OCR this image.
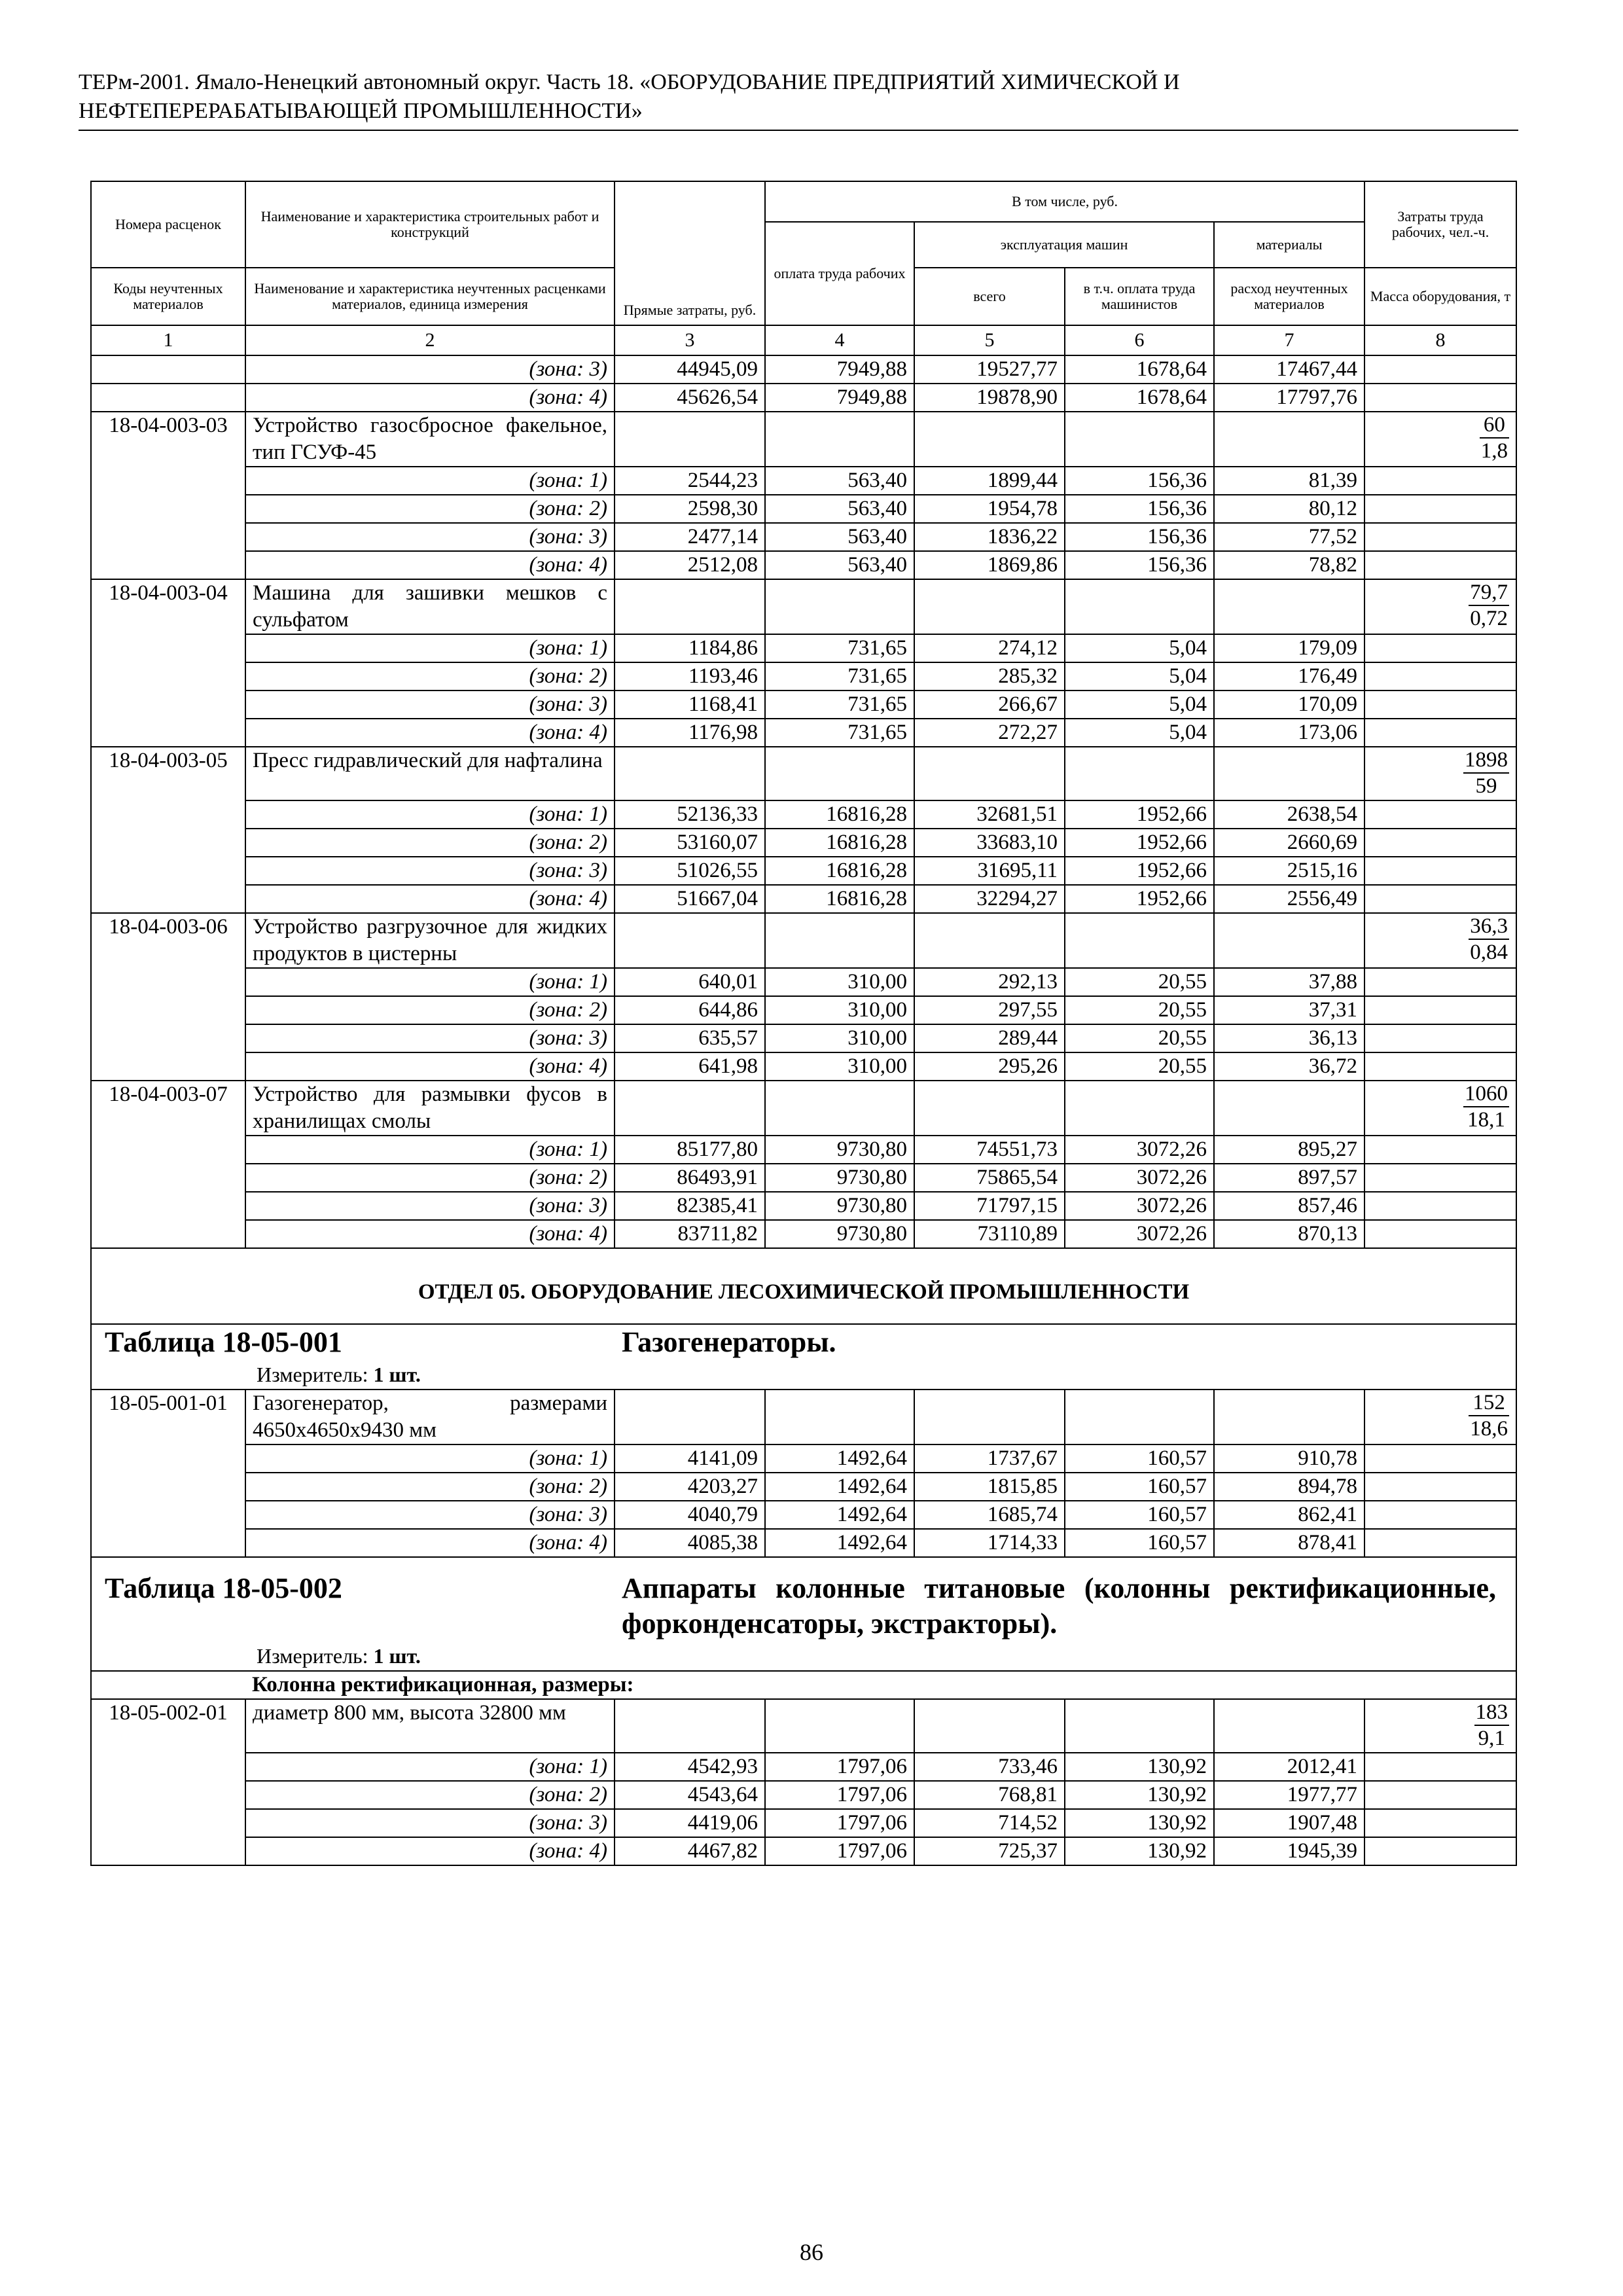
ТЕРм-2001. Ямало-Ненецкий автономный округ. Часть 18. «ОБОРУДОВАНИЕ ПРЕДПРИЯТИЙ ХИМИЧЕСКОЙ И
НЕФТЕПЕРЕРАБАТЫВАЮЩЕЙ ПРОМЫШЛЕННОСТИ»
Номера расценок	Наименование и характеристика строительных работ и конструкций	Прямые затраты, руб.	В том числе, руб.				Затраты труда рабочих, чел.-ч.
			оплата труда рабочих	эксплуатация машин		материалы	
Коды неучтенных материалов	Наименование и характеристика неучтенных расценками материалов, единица измерения			всего	в т.ч. оплата труда машинистов	расход неучтенных материалов	Масса оборудования, т
1	2	3	4	5	6	7	8
	(зона: 3)	44945,09	7949,88	19527,77	1678,64	17467,44	
	(зона: 4)	45626,54	7949,88	19878,90	1678,64	17797,76	
18-04-003-03	Устройство газосбросное факельное, тип ГСУФ-45						$\frac{60}{1,8}$

	(зона: 1)	2544,23	563,40	1899,44	156,36	81,39	
	(зона: 2)	2598,30	563,40	1954,78	156,36	80,12	
	(зона: 3)	2477,14	563,40	1836,22	156,36	77,52	
	(зона: 4)	2512,08	563,40	1869,86	156,36	78,82	
18-04-003-04	Машина для зашивки мешков с сульфатом						$\frac{79,7}{0,72}$

	(зона: 1)	1184,86	731,65	274,12	5,04	179,09	
	(зона: 2)	1193,46	731,65	285,32	5,04	176,49	
	(зона: 3)	1168,41	731,65	266,67	5,04	170,09	
	(зона: 4)	1176,98	731,65	272,27	5,04	173,06	
18-04-003-05	Пресс гидравлический для нафталина						$\frac{1898}{59}$

	(зона: 1)	52136,33	16816,28	32681,51	1952,66	2638,54	
	(зона: 2)	53160,07	16816,28	33683,10	1952,66	2660,69	
	(зона: 3)	51026,55	16816,28	31695,11	1952,66	2515,16	
	(зона: 4)	51667,04	16816,28	32294,27	1952,66	2556,49	
18-04-003-06	Устройство разгрузочное для жидких продуктов в цистерны						$\frac{36,3}{0,84}$

	(зона: 1)	640,01	310,00	292,13	20,55	37,88	
	(зона: 2)	644,86	310,00	297,55	20,55	37,31	
	(зона: 3)	635,57	310,00	289,44	20,55	36,13	
	(зона: 4)	641,98	310,00	295,26	20,55	36,72	
18-04-003-07	Устройство для размывки фусов в хранилищах смолы						$\frac{1060}{18,1}$

	(зона: 1)	85177,80	9730,80	74551,73	3072,26	895,27	
	(зона: 2)	86493,91	9730,80	75865,54	3072,26	897,57	
	(зона: 3)	82385,41	9730,80	71797,15	3072,26	857,46	
	(зона: 4)	83711,82	9730,80	73110,89	3072,26	870,13	
ОТДЕЛ 05. ОБОРУДОВАНИЕ ЛЕСОХИМИЧЕСКОЙ ПРОМЫШЛЕННОСТИ							

Таблица 18-05-001 Газогенераторы.
Измеритель: 1 шт.							

18-05-001-01	Газогенератор, размерами 4650х4650х9430 мм						$\frac{152}{18,6}$

	(зона: 1)	4141,09	1492,64	1737,67	160,57	910,78	
	(зона: 2)	4203,27	1492,64	1815,85	160,57	894,78	
	(зона: 3)	4040,79	1492,64	1685,74	160,57	862,41	
	(зона: 4)	4085,38	1492,64	1714,33	160,57	878,41	

Таблица 18-05-002 Аппараты колонные титановые (колонны ректификационные, форконденсаторы, экстракторы).
Измеритель: 1 шт.							

	Колонна ректификационная, размеры:						
18-05-002-01	диаметр 800 мм, высота 32800 мм						$\frac{183}{9,1}$

	(зона: 1)	4542,93	1797,06	733,46	130,92	2012,41	
	(зона: 2)	4543,64	1797,06	768,81	130,92	1977,77	
	(зона: 3)	4419,06	1797,06	714,52	130,92	1907,48	
	(зона: 4)	4467,82	1797,06	725,37	130,92	1945,39	
86
